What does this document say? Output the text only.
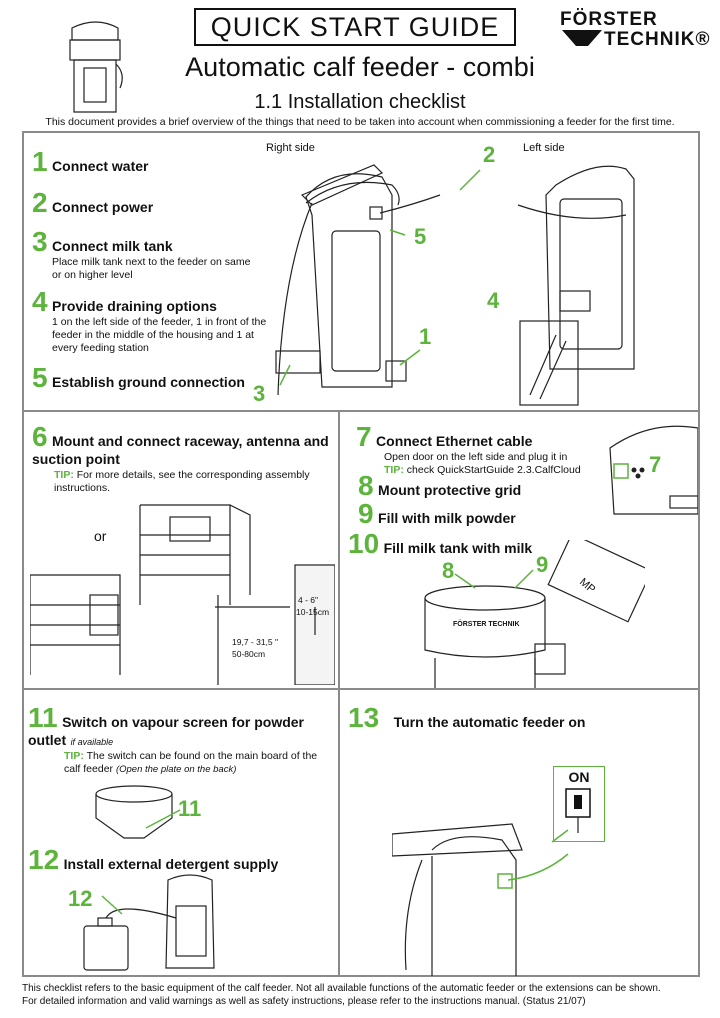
QUICK START GUIDE	FÖRSTER
TECHNIK®
Automatic calf feeder - combi
1.1 Installation checklist
This document provides a brief overview of the things that need to be taken into account when commissioning a feeder for the first time.
Right side	Left side
1 Connect water
2 Connect power
3 Connect milk tank
Place milk tank next to the feeder on same or on higher level
4 Provide draining options
1 on the left side of the feeder, 1 in front of the feeder in the middle of the housing and 1 at every feeding station
5 Establish ground connection
2
5
1
3
4
6 Mount and connect raceway, antenna and suction point
TIP: For more details, see the corresponding assembly instructions.
or
4 - 6"
10-15cm
19,7 - 31,5 "
50-80cm
7 Connect Ethernet cable
Open door on the left side and plug it in
TIP: check QuickStartGuide 2.3.CalfCloud
8 Mount protective grid
9 Fill with milk powder
10 Fill milk tank with milk
7
FÖRSTER TECHNIK
MP
8	9
11 Switch on vapour screen for powder outlet if available
TIP: The switch can be found on the main board of the calf feeder (Open the plate on the back)
11
12 Install external detergent supply
12
13 Turn the automatic feeder on
ON
This checklist refers to the basic equipment of the calf feeder. Not all available functions of the automatic feeder or the extensions can be shown.
For detailed information and valid warnings as well as safety instructions, please refer to the instructions manual. (Status 21/07)
